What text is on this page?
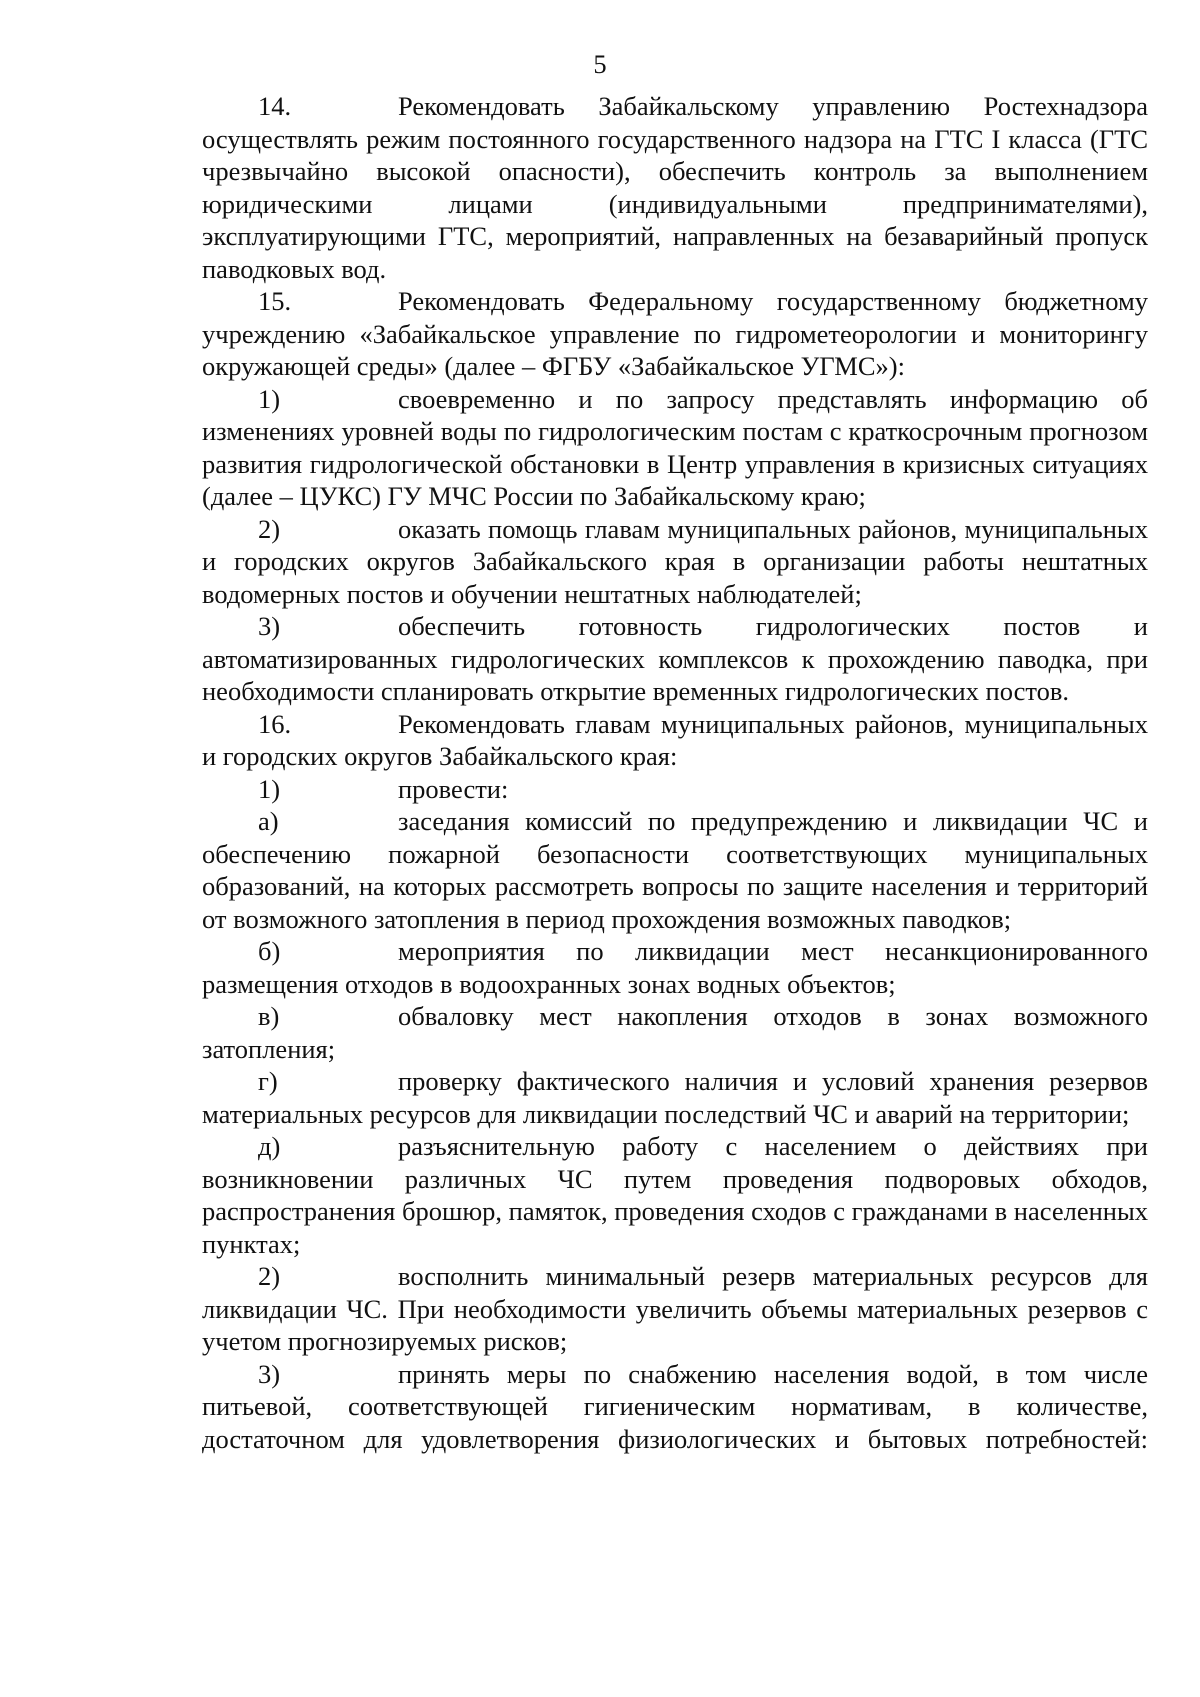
5

14.	Рекомендовать Забайкальскому управлению Ростехнадзора осуществлять режим постоянного государственного надзора на ГТС I класса (ГТС чрезвычайно высокой опасности), обеспечить контроль за выполнением юридическими лицами (индивидуальными предпринимателями), эксплуатирующими ГТС, мероприятий, направленных на безаварийный пропуск паводковых вод.

15.	Рекомендовать Федеральному государственному бюджетному учреждению «Забайкальское управление по гидрометеорологии и мониторингу окружающей среды» (далее – ФГБУ «Забайкальское УГМС»):

1)	своевременно и по запросу представлять информацию об изменениях уровней воды по гидрологическим постам с краткосрочным прогнозом развития гидрологической обстановки в Центр управления в кризисных ситуациях (далее – ЦУКС) ГУ МЧС России по Забайкальскому краю;

2)	оказать помощь главам муниципальных районов, муниципальных и городских округов Забайкальского края в организации работы нештатных водомерных постов и обучении нештатных наблюдателей;

3)	обеспечить готовность гидрологических постов и автоматизированных гидрологических комплексов к прохождению паводка, при необходимости спланировать открытие временных гидрологических постов.

16.	Рекомендовать главам муниципальных районов, муниципальных и городских округов Забайкальского края:

1)	провести:

а)	заседания комиссий по предупреждению и ликвидации ЧС и обеспечению пожарной безопасности соответствующих муниципальных образований, на которых рассмотреть вопросы по защите населения и территорий от возможного затопления в период прохождения возможных паводков;

б)	мероприятия по ликвидации мест несанкционированного размещения отходов в водоохранных зонах водных объектов;

в)	обваловку мест накопления отходов в зонах возможного затопления;

г)	проверку фактического наличия и условий хранения резервов материальных ресурсов для ликвидации последствий ЧС и аварий на территории;

д)	разъяснительную работу с населением о действиях при возникновении различных ЧС путем проведения подворовых обходов, распространения брошюр, памяток, проведения сходов с гражданами в населенных пунктах;

2)	восполнить минимальный резерв материальных ресурсов для ликвидации ЧС. При необходимости увеличить объемы материальных резервов с учетом прогнозируемых рисков;

3)	принять меры по снабжению населения водой, в том числе питьевой, соответствующей гигиеническим нормативам, в количестве, достаточном для удовлетворения физиологических и бытовых потребностей:
